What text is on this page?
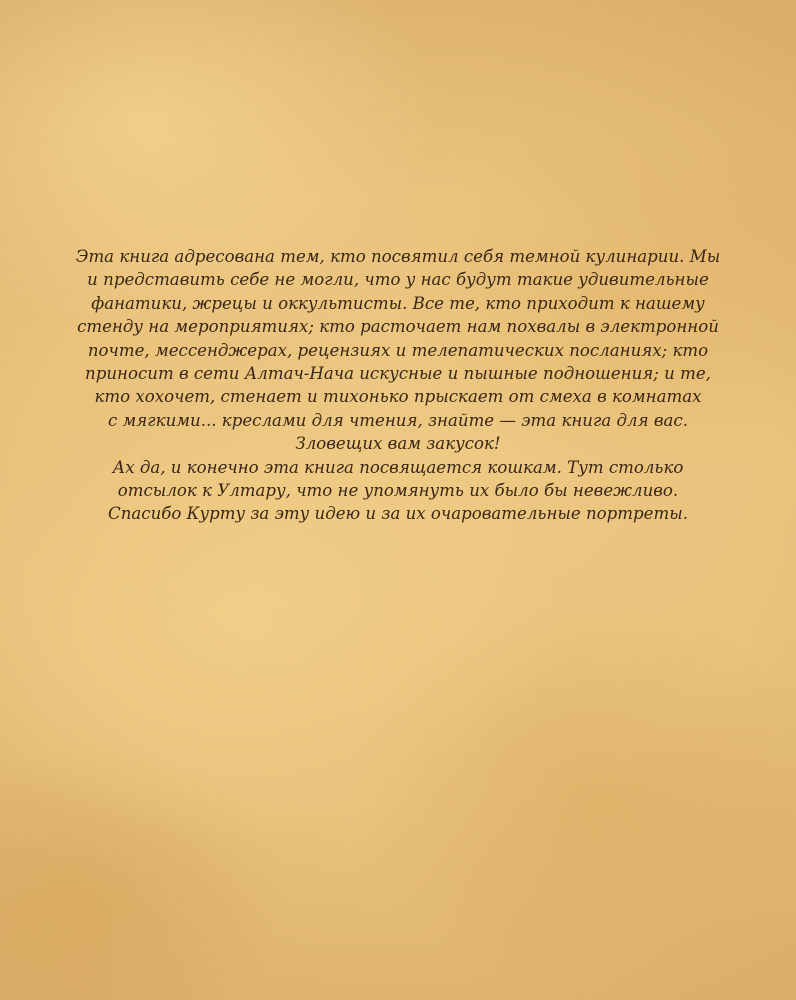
Эта книга адресована тем, кто посвятил себя темной кулинарии. Мы
и представить себе не могли, что у нас будут такие удивительные
фанатики, жрецы и оккультисты. Все те, кто приходит к нашему
стенду на мероприятиях; кто расточает нам похвалы в электронной
почте, мессенджерах, рецензиях и телепатических посланиях; кто
приносит в сети Алтач-Нача искусные и пышные подношения; и те,
кто хохочет, стенает и тихонько прыскает от смеха в комнатах
с мягкими... креслами для чтения, знайте — эта книга для вас.
Зловещих вам закусок!
Ах да, и конечно эта книга посвящается кошкам. Тут столько
отсылок к Ултару, что не упомянуть их было бы невежливо.
Спасибо Курту за эту идею и за их очаровательные портреты.
